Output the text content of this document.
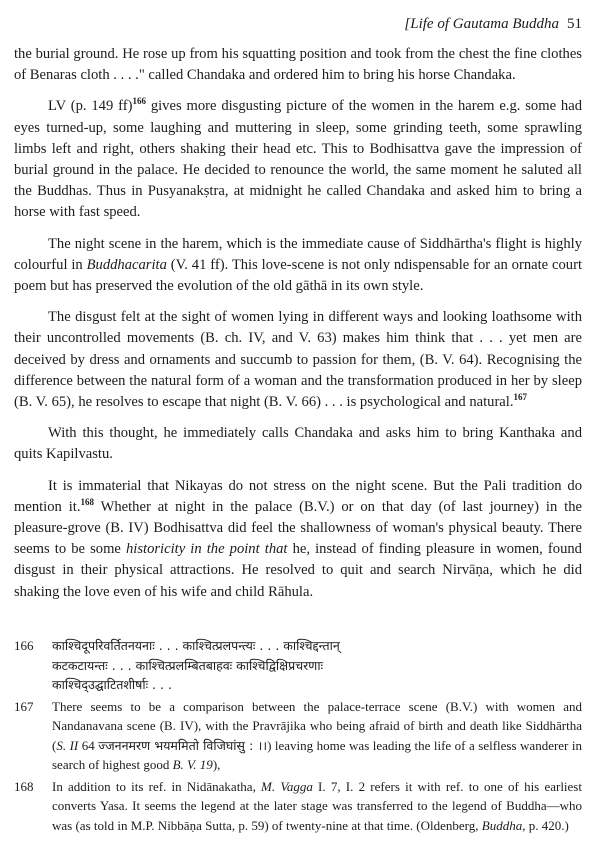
[Life of Gautama Buddha 51

the burial ground. He rose up from his squatting position and took from the chest the fine clothes of Benaras cloth . . . ." called Chandaka and ordered him to bring his horse Chandaka.

LV (p. 149 ff)$^{166}$ gives more disgusting picture of the women in the harem e.g. some had eyes turned-up, some laughing and muttering in sleep, some grinding teeth, some sprawling limbs left and right, others shaking their head etc. This to Bodhisattva gave the impression of burial ground in the palace. He decided to renounce the world, the same moment he saluted all the Buddhas. Thus in Pusyanakṣtra, at midnight he called Chandaka and asked him to bring a horse with fast speed.

The night scene in the harem, which is the immediate cause of Siddhārtha's flight is highly colourful in Buddhacarita (V. 41 ff). This love-scene is not only ndispensable for an ornate court poem but has preserved the evolution of the old gāthā in its own style.

The disgust felt at the sight of women lying in different ways and looking loathsome with their uncontrolled movements (B. ch. IV, and V. 63) makes him think that . . . yet men are deceived by dress and ornaments and succumb to passion for them, (B. V. 64). Recognising the difference between the natural form of a woman and the transformation produced in her by sleep (B. V. 65), he resolves to escape that night (B. V. 66) . . . is psychological and natural.$^{167}$

With this thought, he immediately calls Chandaka and asks him to bring Kanthaka and quits Kapilvastu.

It is immaterial that Nikayas do not stress on the night scene. But the Pali tradition do mention it.$^{168}$ Whether at night in the palace (B.V.) or on that day (of last journey) in the pleasure-grove (B. IV) Bodhisattva did feel the shallowness of woman's physical beauty. There seems to be some historicity in the point that he, instead of finding pleasure in women, found disgust in their physical attractions. He resolved to quit and search Nirvāṇa, which he did shaking the love even of his wife and child Rāhula.

166	काश्चिदूपरिवर्तितनयनाः . . . काश्चित्प्रलपन्त्यः . . . काश्चिद्दन्तान्
कटकटायन्तः . . . काश्चित्प्रलम्बितबाहवः काश्चिद्विक्षिप्रचरणाः
काश्चिद्उद्घाटितशीर्षाः . . .
167	There seems to be a comparison between the palace-terrace scene (B.V.) with women and Nandanavana scene (B. IV), with the Pravrājika who being afraid of birth and death like Siddhārtha (S. II 64 ज्जननमरण भयममितो विजिघांसु : ।।) leaving home was leading the life of a selfless wanderer in search of highest good B. V. 19),
168	In addition to its ref. in Nidānakatha, M. Vagga I. 7, I. 2 refers it with ref. to one of his earliest converts Yasa. It seems the legend at the later stage was transferred to the legend of Buddha—who was (as told in M.P. Nibbāṇa Sutta, p. 59) of twenty-nine at that time. (Oldenberg, Buddha, p. 420.)
